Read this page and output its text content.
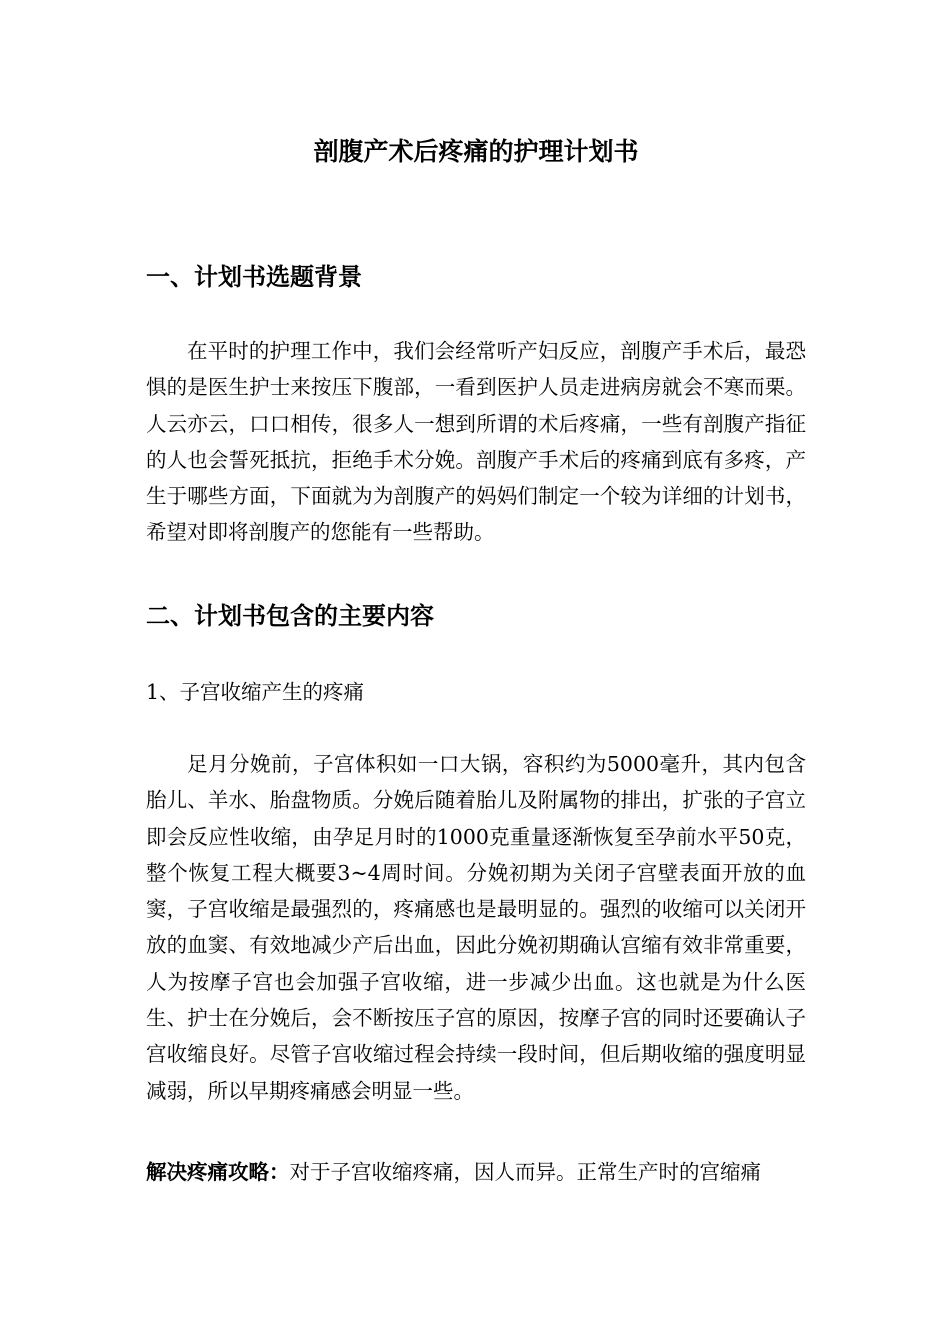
剖腹产术后疼痛的护理计划书
一、计划书选题背景

在平时的护理工作中，我们会经常听产妇反应，剖腹产手术后，最恐惧的是医生护士来按压下腹部，一看到医护人员走进病房就会不寒而栗。人云亦云，口口相传，很多人一想到所谓的术后疼痛，一些有剖腹产指征的人也会誓死抵抗，拒绝手术分娩。剖腹产手术后的疼痛到底有多疼，产生于哪些方面，下面就为为剖腹产的妈妈们制定一个较为详细的计划书，希望对即将剖腹产的您能有一些帮助。

二、计划书包含的主要内容

1、子宫收缩产生的疼痛

足月分娩前，子宫体积如一口大锅，容积约为5000毫升，其内包含胎儿、羊水、胎盘物质。分娩后随着胎儿及附属物的排出，扩张的子宫立即会反应性收缩，由孕足月时的1000克重量逐渐恢复至孕前水平50克，整个恢复工程大概要3~4周时间。分娩初期为关闭子宫壁表面开放的血窦，子宫收缩是最强烈的，疼痛感也是最明显的。强烈的收缩可以关闭开放的血窦、有效地减少产后出血，因此分娩初期确认宫缩有效非常重要，人为按摩子宫也会加强子宫收缩，进一步减少出血。这也就是为什么医生、护士在分娩后，会不断按压子宫的原因，按摩子宫的同时还要确认子宫收缩良好。尽管子宫收缩过程会持续一段时间，但后期收缩的强度明显减弱，所以早期疼痛感会明显一些。

解决疼痛攻略：对于子宫收缩疼痛，因人而异。正常生产时的宫缩痛
